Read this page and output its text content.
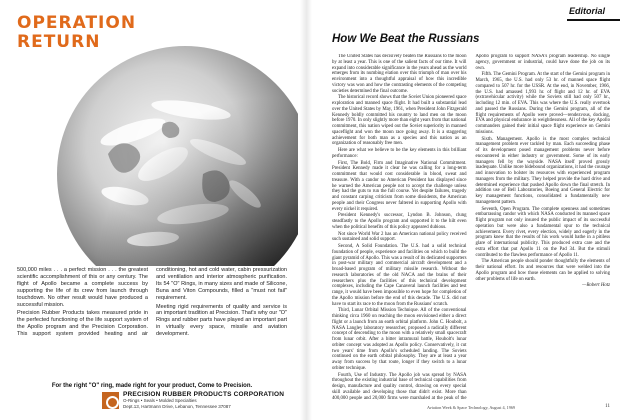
OPERATION
RETURN

500,000 miles . . . a perfect mission . . . the greatest scientific accomplishment of this or any century. The flight of Apollo became a complete success by supporting the life of its crew from launch through touchdown. No other result would have produced a successful mission.

Precision Rubber Products takes measured pride in the perfected functioning of the life support system of the Apollo program and the Precision Corporation. This support system provided heating and air conditioning, hot and cold water, cabin pressurization and ventilation and interior atmospheric purification. Its 54 "O" Rings, in many sizes and made of Silicone, Buna and Viton Compounds, filled a "must not fail" requirement.

Meeting rigid requirements of quality and service is an important tradition at Precision. That's why our "O" Rings and rubber parts have played an important part in virtually every space, missile and aviation development.

For the right "O" ring, made right for your product, Come to Precision.
PRECISION RUBBER PRODUCTS CORPORATION
O-Rings • Seals • Molded Specialties
Dept.13, Hartmann Drive, Lebanon, Tennessee 37087
Editorial
How We Beat the Russians

The United States has decisively beaten the Russians to the moon by at least a year. This is one of the salient facts of our time. It will expand into considerable significance in the years ahead as the world emerges from its numbing elation over this triumph of man over his environment into a thoughtful appraisal of how this incredible victory was won and how the contrasting elements of the competing societies determined the final outcome.

The historical record shows that the Soviet Union pioneered space exploration and manned space flight. It had built a substantial lead over the United States by May, 1961, when President John Fitzgerald Kennedy boldly committed his country to land men on the moon before 1970. In only slightly more than eight years from that national commitment, this nation wiped out the Soviet superiority in manned spaceflight and won the moon race going away. It is a staggering achievement for both man as a species and this nation as an organization of reasonably free men.

Here are what we believe to be the key elements in this brilliant performance:

First, The Bold, Firm and Imaginative National Commitment. President Kennedy made it clear he was calling for a long-term commitment that would cost considerable in blood, sweat and treasure. With a candor no American President has displayed since he warned the American people not to accept the challenge unless they had the guts to run the full course. Yet despite failures, tragedy and constant carping criticism from some dissidents, the American people and their Congress never faltered in supporting Apollo with every nickel it required.

President Kennedy's successor, Lyndon B. Johnson, clung steadfastly to the Apollo program and supported it to the hilt even when the political benefits of this policy appeared dubious.

Not since World War 2 has an American national policy received such sustained and solid support.

Second, A Solid Foundation. The U.S. had a solid technical foundation of people, experience and facilities on which to build the giant pyramid of Apollo. This was a result of its dedicated supporters in post-war military and commercial aircraft development and a broad-based program of military missile research. Without the research laboratories of the old NACA and the brains of their researchers plus the facilities of this technical development complexes, including the Cape Canaveral launch facilities and test range, it would have been impossible to even hope for completion of the Apollo mission before the end of this decade. The U.S. did not have to start its race to the moon from the Russians' scratch.

Third, Lunar Orbital Mission Technique. All of the conventional thinking circa 1960 on reaching the moon envisioned either a direct flight or a launch from an earth orbital platform. John C. Houbolt, a NASA Langley laboratory researcher, proposed a radically different concept of descending to the moon with a relatively small spacecraft from lunar orbit. After a bitter intramural battle, Houbolt's lunar orbiter concept was adopted as Apollo policy. Conservatively, it cut two years' time from Apollo's scheduled landing. The Soviets continued on the earth orbital philosophy. They are at least a year away from success by that route, longer if they switch to a lunar orbiter technique.

Fourth, Use of Industry. The Apollo job was spread by NASA throughout the existing industrial base of technical capabilities from design, manufacture and quality control, drawing on every special skill available and developing those that didn't exist. More than 400,000 people and 20,000 firms were marshaled at the peak of the Apollo program to support NASA's program leadership. No single agency, government or industrial, could have done the job on its own.

Fifth. The Gemini Program. At the start of the Gemini program in March, 1965, the U.S. had only 53 hr. of manned space flight compared to 507 hr. for the USSR. At the end, in November, 1966, the U.S. had amassed 1,993 hr. of flight and 12 hr. of EVA (extravehicular activity) while the Soviets still had only 507 hr., including 12 min. of EVA. This was where the U.S. really overtook and passed the Russians. During the Gemini program, all of the flight requirements of Apollo were proved—rendezvous, docking, EVA and physical endurance in weightlessness. All of the key Apollo commanders gained their initial space flight experience on Gemini missions.

Sixth. Management. Apollo is the most complex technical management problem ever tackled by man. Each succeeding phase of its development posed management problems never before encountered in either industry or government. Some of its early managers fell by the wayside. NASA itself proved grossly inadequate. Unlike more hidebound organizations, it had the courage and innovation to bolster its resources with experienced program managers from the military. They helped provide the hard drive and determined experience that pushed Apollo down the final stretch. In addition use of Bell Laboratories, Boeing and General Electric for key management functions, consolidated a fundamentally new management pattern.

Seventh, Open Program. The complete openness and sometimes embarrassing candor with which NASA conducted its manned space flight program not only insured the public impact of its successful operation but were also a fundamental spur to the technical achievement. Every rivet, every election, widely and eagerly in the program knew that the results of his work would bathe in a pitiless glare of international publicity. This produced extra care and the extra effort that put Apollo 11 on the Pad 34. But the stimuli contributed to the flawless performance of Apollo 11.

The American people should ponder thoughtfully the elements of their national effort. Its and resources that were welded into the Apollo program and how those elements can be applied to solving other problems of life on earth.

—Robert Hotz

Aviation Week & Space Technology, August 4, 1969	11
